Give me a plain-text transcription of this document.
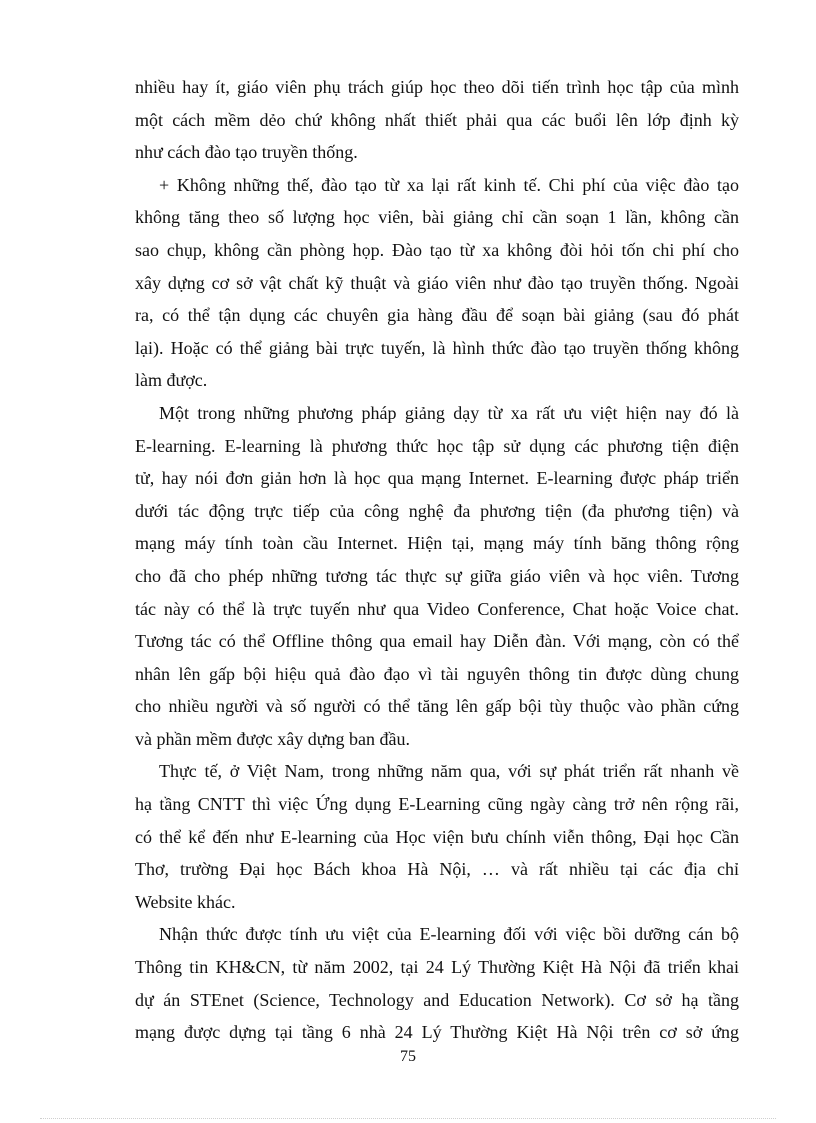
nhiều hay ít, giáo viên phụ trách giúp học theo dõi tiến trình học tập của mình
một cách mềm dẻo chứ không nhất thiết phải qua các buổi lên lớp định kỳ
như cách đào tạo truyền thống.
+ Không những thế, đào tạo từ xa lại rất kinh tế. Chi phí của việc đào tạo
không tăng theo số lượng học viên, bài giảng chỉ cần soạn 1 lần, không cần
sao chụp, không cần phòng họp. Đào tạo từ xa không đòi hỏi tốn chi phí cho
xây dựng cơ sở vật chất kỹ thuật và giáo viên như đào tạo truyền thống. Ngoài
ra, có thể tận dụng các chuyên gia hàng đầu để soạn bài giảng (sau đó phát
lại). Hoặc có thể giảng bài trực tuyến, là hình thức đào tạo truyền thống không
làm được.
Một trong những phương pháp giảng dạy từ xa rất ưu việt hiện nay đó là
E-learning. E-learning là phương thức học tập sử dụng các phương tiện điện
tử, hay nói đơn giản hơn là học qua mạng Internet. E-learning được pháp triển
dưới tác động trực tiếp của công nghệ đa phương tiện (đa phương tiện) và
mạng máy tính toàn cầu Internet. Hiện tại, mạng máy tính băng thông rộng
cho đã cho phép những tương tác thực sự giữa giáo viên và học viên. Tương
tác này có thể là trực tuyến như qua Video Conference, Chat hoặc Voice chat.
Tương tác có thể Offline thông qua email hay Diễn đàn. Với mạng, còn có thể
nhân lên gấp bội hiệu quả đào đạo vì tài nguyên thông tin được dùng chung
cho nhiều người và số người có thể tăng lên gấp bội tùy thuộc vào phần cứng
và phần mềm được xây dựng ban đầu.
Thực tế, ở Việt Nam, trong những năm qua, với sự phát triển rất nhanh về
hạ tầng CNTT thì việc Ứng dụng E-Learning cũng ngày càng trở nên rộng rãi,
có thể kể đến như E-learning của Học viện bưu chính viễn thông, Đại học Cần
Thơ, trường Đại học Bách khoa Hà Nội, … và rất nhiều tại các địa chỉ
Website khác.
Nhận thức được tính ưu việt của E-learning đối với việc bồi dưỡng cán bộ
Thông tin KH&CN, từ năm 2002, tại 24 Lý Thường Kiệt Hà Nội đã triển khai
dự án STEnet (Science, Technology and Education Network). Cơ sở hạ tầng
mạng được dựng tại tầng 6 nhà 24 Lý Thường Kiệt Hà Nội trên cơ sở ứng
75
